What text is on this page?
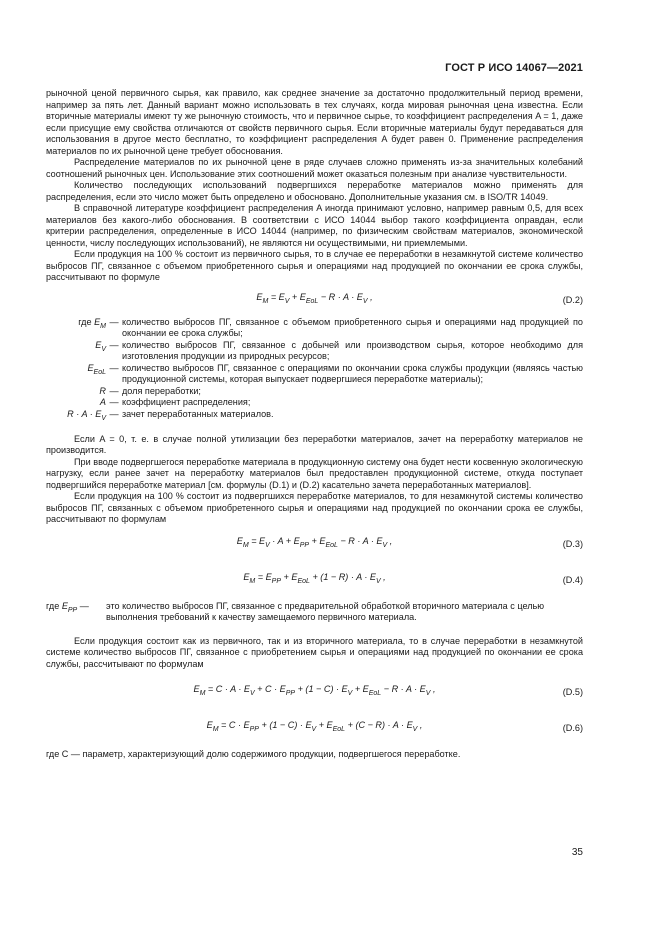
ГОСТ Р ИСО 14067—2021

рыночной ценой первичного сырья, как правило, как среднее значение за достаточно продолжительный период времени, например за пять лет. Данный вариант можно использовать в тех случаях, когда мировая рыночная цена известна. Если вторичные материалы имеют ту же рыночную стоимость, что и первичное сырье, то коэффициент распределения A = 1, даже если присущие ему свойства отличаются от свойств первичного сырья. Если вторичные материалы будут передаваться для использования в другое место бесплатно, то коэффициент распределения A будет равен 0. Применение распределения материалов по их рыночной цене требует обоснования.

Распределение материалов по их рыночной цене в ряде случаев сложно применять из-за значительных колебаний соотношений рыночных цен. Использование этих соотношений может оказаться полезным при анализе чувствительности.

Количество последующих использований подвергшихся переработке материалов можно применять для распределения, если это число может быть определено и обосновано. Дополнительные указания см. в ISO/TR 14049.

В справочной литературе коэффициент распределения A иногда принимают условно, например равным 0,5, для всех материалов без какого-либо обоснования. В соответствии с ИСО 14044 выбор такого коэффициента оправдан, если критерии распределения, определенные в ИСО 14044 (например, по физическим свойствам материалов, экономической ценности, числу последующих использований), не являются ни осуществимыми, ни приемлемыми.

Если продукция на 100 % состоит из первичного сырья, то в случае ее переработки в незамкнутой системе количество выбросов ПГ, связанное с объемом приобретенного сырья и операциями над продукцией по окончании ее срока службы, рассчитывают по формуле

$E_M = E_V + E_{EoL} - R \cdot A \cdot E_V$ ,	(D.2)
где $E_M$ — количество выбросов ПГ, связанное с объемом приобретенного сырья и операциями над продукцией по окончании ее срока службы;
$E_V$ — количество выбросов ПГ, связанное с добычей или производством сырья, которое необходимо для изготовления продукции из природных ресурсов;
$E_{EoL}$ — количество выбросов ПГ, связанное с операциями по окончании срока службы продукции (являясь частью продукционной системы, которая выпускает подвергшиеся переработке материалы);
R — доля переработки;
A — коэффициент распределения;
$R \cdot A \cdot E_V$ — зачет переработанных материалов.

Если A = 0, т. е. в случае полной утилизации без переработки материалов, зачет на переработку материалов не производится.

При вводе подвергшегося переработке материала в продукционную систему она будет нести косвенную экологическую нагрузку, если ранее зачет на переработку материалов был предоставлен продукционной системе, откуда поступает подвергшийся переработке материал [см. формулы (D.1) и (D.2) касательно зачета переработанных материалов].

Если продукция на 100 % состоит из подвергшихся переработке материалов, то для незамкнутой системы количество выбросов ПГ, связанных с объемом приобретенного сырья и операциями над продукцией по окончании срока ее службы, рассчитывают по формулам

$E_M = E_V \cdot A + E_{PP} + E_{EoL} - R \cdot A \cdot E_V$ ,	(D.3)
$E_M = E_{PP} + E_{EoL} + (1 - R) \cdot A \cdot E_V$ ,	(D.4)
где $E_{PP}$ —	это количество выбросов ПГ, связанное с предварительной обработкой вторичного материала с целью выполнения требований к качеству замещаемого первичного материала.

Если продукция состоит как из первичного, так и из вторичного материала, то в случае переработки в незамкнутой системе количество выбросов ПГ, связанное с приобретением сырья и операциями над продукцией по окончании ее срока службы, рассчитывают по формулам

$E_M = C \cdot A \cdot E_V + C \cdot E_{PP} + (1 - C) \cdot E_V + E_{EoL} - R \cdot A \cdot E_V$ ,	(D.5)
$E_M = C \cdot E_{PP} + (1 - C) \cdot E_V + E_{EoL} + (C - R) \cdot A \cdot E_V$ ,	(D.6)

где C — параметр, характеризующий долю содержимого продукции, подвергшегося переработке.

35
